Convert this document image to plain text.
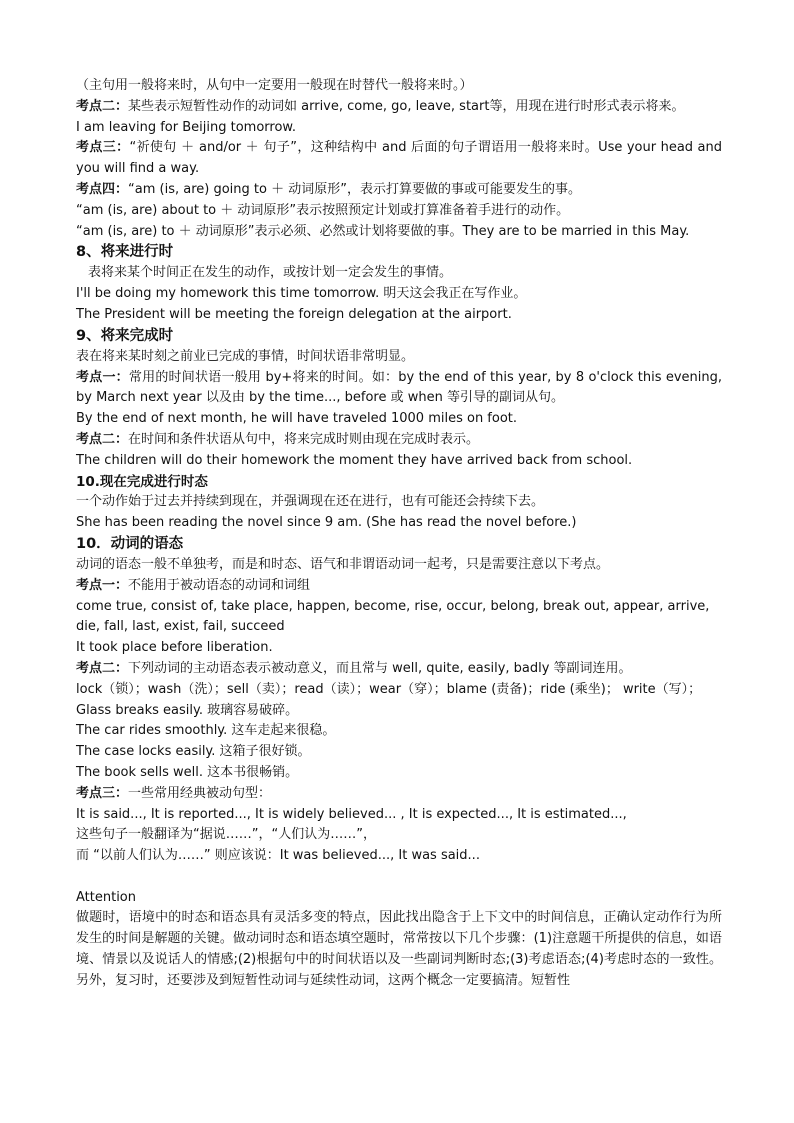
（主句用一般将来时，从句中一定要用一般现在时替代一般将来时。）
考点二：某些表示短暂性动作的动词如 arrive, come, go, leave, start等，用现在进行时形式表示将来。
I am leaving for Beijing tomorrow.
考点三：“祈使句 ＋ and/or ＋ 句子”，这种结构中 and 后面的句子谓语用一般将来时。Use your head and you will find a way.
考点四：“am (is, are) going to ＋ 动词原形”，表示打算要做的事或可能要发生的事。
“am (is, are) about to ＋ 动词原形”表示按照预定计划或打算准备着手进行的动作。
“am (is, are) to ＋ 动词原形”表示必须、必然或计划将要做的事。They are to be married in this May.
8、将来进行时
表将来某个时间正在发生的动作，或按计划一定会发生的事情。
I'll be doing my homework this time tomorrow. 明天这会我正在写作业。
The President will be meeting the foreign delegation at the airport.
9、将来完成时
表在将来某时刻之前业已完成的事情，时间状语非常明显。
考点一：常用的时间状语一般用 by+将来的时间。如：by the end of this year, by 8 o'clock this evening, by March next year 以及由 by the time..., before 或 when 等引导的副词从句。
By the end of next month, he will have traveled 1000 miles on foot.
考点二：在时间和条件状语从句中，将来完成时则由现在完成时表示。
The children will do their homework the moment they have arrived back from school.
10.现在完成进行时态
一个动作始于过去并持续到现在，并强调现在还在进行，也有可能还会持续下去。
She has been reading the novel since 9 am. (She has read the novel before.)
10．动词的语态
动词的语态一般不单独考，而是和时态、语气和非谓语动词一起考，只是需要注意以下考点。
考点一：不能用于被动语态的动词和词组
come true, consist of, take place, happen, become, rise, occur, belong, break out, appear, arrive, die, fall, last, exist, fail, succeed
It took place before liberation.
考点二：下列动词的主动语态表示被动意义，而且常与 well, quite, easily, badly 等副词连用。
lock（锁）；wash（洗）；sell（卖）；read（读）；wear（穿）；blame (责备)；ride (乘坐)； write（写）；
Glass breaks easily. 玻璃容易破碎。
The car rides smoothly. 这车走起来很稳。
The case locks easily. 这箱子很好锁。
The book sells well. 这本书很畅销。
考点三：一些常用经典被动句型：
It is said..., It is reported..., It is widely believed... , It is expected..., It is estimated...,
这些句子一般翻译为“据说……”，“人们认为……”，
而 “以前人们认为……” 则应该说：It was believed..., It was said...
Attention
做题时，语境中的时态和语态具有灵活多变的特点，因此找出隐含于上下文中的时间信息，正确认定动作行为所发生的时间是解题的关键。做动词时态和语态填空题时，常常按以下几个步骤：(1)注意题干所提供的信息，如语境、情景以及说话人的情感;(2)根据句中的时间状语以及一些副词判断时态;(3)考虑语态;(4)考虑时态的一致性。另外，复习时，还要涉及到短暂性动词与延续性动词，这两个概念一定要搞清。短暂性
